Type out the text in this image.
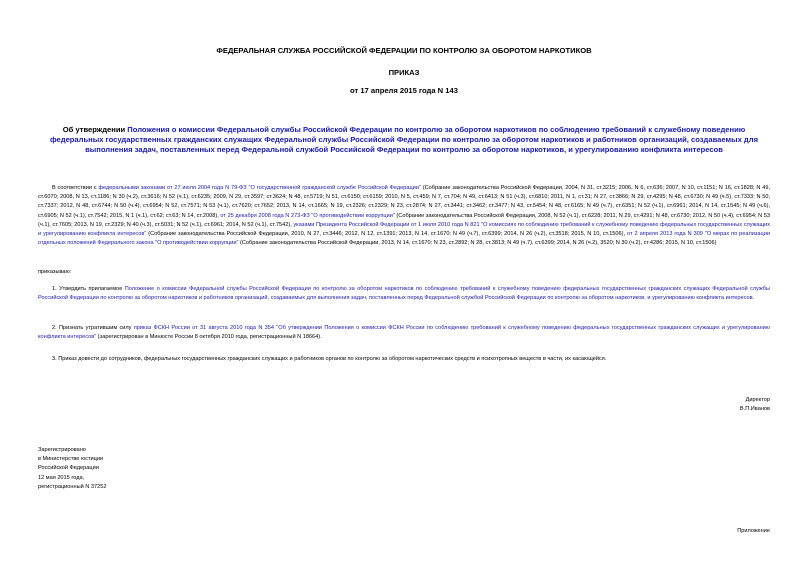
ФЕДЕРАЛЬНАЯ СЛУЖБА РОССИЙСКОЙ ФЕДЕРАЦИИ ПО КОНТРОЛЮ ЗА ОБОРОТОМ НАРКОТИКОВ
ПРИКАЗ
от 17 апреля 2015 года N 143
Об утверждении Положения о комиссии Федеральной службы Российской Федерации по контролю за оборотом наркотиков по соблюдению требований к служебному поведению федеральных государственных гражданских служащих Федеральной службы Российской Федерации по контролю за оборотом наркотиков и работников организаций, создаваемых для выполнения задач, поставленных перед Федеральной службой Российской Федерации по контролю за оборотом наркотиков, и урегулированию конфликта интересов
В соответствии с федеральными законами от 27 июля 2004 года N 79-ФЗ "О государственной гражданской службе Российской Федерации" (Собрание законодательства Российской Федерации, 2004, N 31, ст.3215; 2006, N 6, ст.636; 2007, N 10, ст.1151; N 16, ст.1828; N 49, ст.6070; 2008, N 13, ст.1186; N 30 (ч.2), ст.3616; N 52 (ч.1), ст.6235; 2009, N 29, ст.3597; ст.3624; N 48, ст.5719; N 51, ст.6150; ст.6159; 2010, N 5, ст.459; N 7, ст.704; N 49, ст.6413; N 51 (ч.3), ст.6810; 2011, N 1, ст.31; N 27, ст.3866; N 29, ст.4295; N 48, ст.6730; N 49 (ч.5), ст.7333; N 50, ст.7337; 2012, N 48, ст.6744; N 50 (ч.4), ст.6954; N 52, ст.7571; N 53 (ч.1), ст.7620; ст.7652; 2013, N 14, ст.1665; N 19, ст.2326; ст.2329; N 23, ст.2874; N 27, ст.3441; ст.3462; ст.3477; N 43, ст.5454; N 48, ст.6165; N 49 (ч.7), ст.6351; N 52 (ч.1), ст.6961; 2014, N 14, ст.1545; N 49 (ч.6), ст.6905; N 52 (ч.1), ст.7542; 2015, N 1 (ч.1), ст.62; ст.63; N 14, ст.2008), от 25 декабря 2008 года N 273-ФЗ "О противодействии коррупции" (Собрание законодательства Российской Федерации, 2008, N 52 (ч.1), ст.6228; 2011, N 29, ст.4291; N 48, ст.6730; 2012, N 50 (ч.4), ст.6954; N 53 (ч.1), ст.7605; 2013, N 19, ст.2329; N 40 (ч.3), ст.5031; N 52 (ч.1), ст.6961; 2014, N 52 (ч.1), ст.7542), указами Президента Российской Федерации от 1 июля 2010 года N 821 "О комиссиях по соблюдению требований к служебному поведению федеральных государственных служащих и урегулированию конфликта интересов" (Собрание законодательства Российской Федерации, 2010, N 27, ст.3446; 2012, N 12, ст.1391; 2013, N 14, ст.1670; N 49 (ч.7), ст.6399; 2014, N 26 (ч.2), ст.3518; 2015, N 10, ст.1506), от 2 апреля 2013 года N 309 "О мерах по реализации отдельных положений Федерального закона "О противодействии коррупции" (Собрание законодательства Российской Федерации, 2013, N 14, ст.1670; N 23, ст.2892; N 28, ст.3813; N 49 (ч.7), ст.6399; 2014, N 26 (ч.2), 3520; N 30 (ч.2), ст.4286; 2015, N 10, ст.1506)
приказываю:
1. Утвердить прилагаемое Положение о комиссии Федеральной службы Российской Федерации по контролю за оборотом наркотиков по соблюдению требований к служебному поведению федеральных государственных гражданских служащих Федеральной службы Российской Федерации по контролю за оборотом наркотиков и работников организаций, создаваемых для выполнения задач, поставленных перед Федеральной службой Российской Федерации по контролю за оборотом наркотиков, и урегулированию конфликта интересов.
2. Признать утратившим силу приказ ФСКН России от 31 августа 2010 года N 354 "Об утверждении Положения о комиссии ФСКН России по соблюдению требований к служебному поведению федеральных государственных гражданских служащих и урегулированию конфликта интересов" (зарегистрирован в Минюсте России 8 октября 2010 года, регистрационный N 18664).
3. Приказ довести до сотрудников, федеральных государственных гражданских служащих и работников органов по контролю за оборотом наркотических средств и психотропных веществ в части, их касающейся.
Директор
В.П.Иванов
Зарегистрировано
в Министерстве юстиции
Российской Федерации
12 мая 2015 года,
регистрационный N 37252
Приложение
